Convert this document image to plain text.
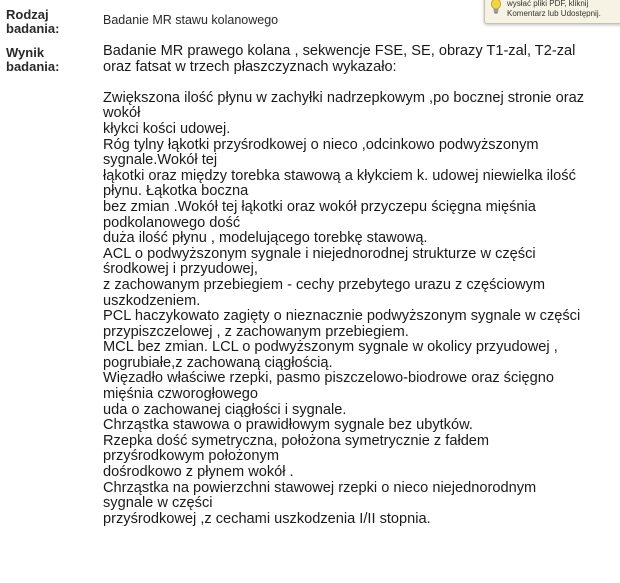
Rodzaj
badania:
Badanie MR stawu kolanowego
Wynik
badania:
Badanie MR prawego kolana , sekwencje FSE, SE, obrazy T1-zal, T2-zal
oraz fatsat w trzech płaszczyznach wykazało:
Zwiększona ilość płynu w zachyłki nadrzepkowym ,po bocznej stronie oraz
wokół
kłykci kości udowej.
Róg tylny łąkotki przyśrodkowej o nieco ,odcinkowo podwyższonym
sygnale.Wokół tej
łąkotki oraz między torebka stawową a kłykciem k. udowej niewielka ilość
płynu. Łąkotka boczna
bez zmian .Wokół tej łąkotki oraz wokół przyczepu ścięgna mięśnia
podkolanowego dość
duża ilość płynu , modelującego torebkę stawową.
ACL o podwyższonym sygnale i niejednorodnej strukturze w części
środkowej i przyudowej,
z zachowanym przebiegiem - cechy przebytego urazu z częściowym
uszkodzeniem.
PCL haczykowato zagięty o nieznacznie podwyższonym sygnale w części
przypiszczelowej , z zachowanym przebiegiem.
MCL bez zmian. LCL o podwyższonym sygnale w okolicy przyudowej ,
pogrubiałe,z zachowaną ciągłością.
Więzadło właściwe rzepki, pasmo piszczelowo-biodrowe oraz ścięgno
mięśnia czworogłowego
uda o zachowanej ciągłości i sygnale.
Chrząstka stawowa o prawidłowym sygnale bez ubytków.
Rzepka dość symetryczna, położona symetrycznie z fałdem
przyśrodkowym położonym
dośrodkowo z płynem wokół .
Chrząstka na powierzchni stawowej rzepki o nieco niejednorodnym
sygnale w części
przyśrodkowej ,z cechami uszkodzenia I/II stopnia.
wysłać pliki PDF, kliknij
Komentarz lub Udostępnij.
